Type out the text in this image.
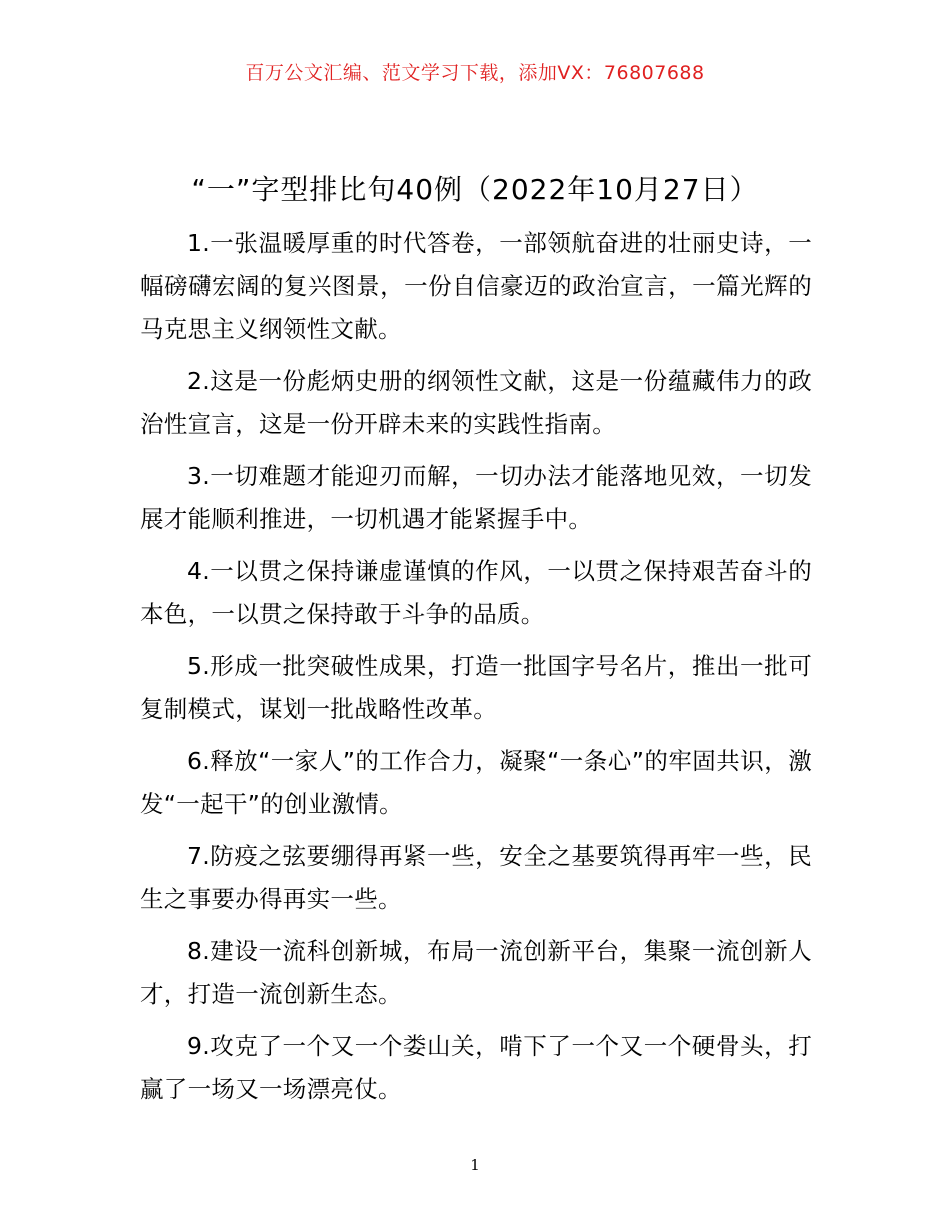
百万公文汇编、范文学习下载，添加VX：76807688
“一”字型排比句40例（2022年10月27日）

1.一张温暖厚重的时代答卷，一部领航奋进的壮丽史诗，一幅磅礴宏阔的复兴图景，一份自信豪迈的政治宣言，一篇光辉的马克思主义纲领性文献。

2.这是一份彪炳史册的纲领性文献，这是一份蕴藏伟力的政治性宣言，这是一份开辟未来的实践性指南。

3.一切难题才能迎刃而解，一切办法才能落地见效，一切发展才能顺利推进，一切机遇才能紧握手中。

4.一以贯之保持谦虚谨慎的作风，一以贯之保持艰苦奋斗的本色，一以贯之保持敢于斗争的品质。

5.形成一批突破性成果，打造一批国字号名片，推出一批可复制模式，谋划一批战略性改革。

6.释放“一家人”的工作合力，凝聚“一条心”的牢固共识，激发“一起干”的创业激情。

7.防疫之弦要绷得再紧一些，安全之基要筑得再牢一些，民生之事要办得再实一些。

8.建设一流科创新城，布局一流创新平台，集聚一流创新人才，打造一流创新生态。

9.攻克了一个又一个娄山关，啃下了一个又一个硬骨头，打赢了一场又一场漂亮仗。

1
